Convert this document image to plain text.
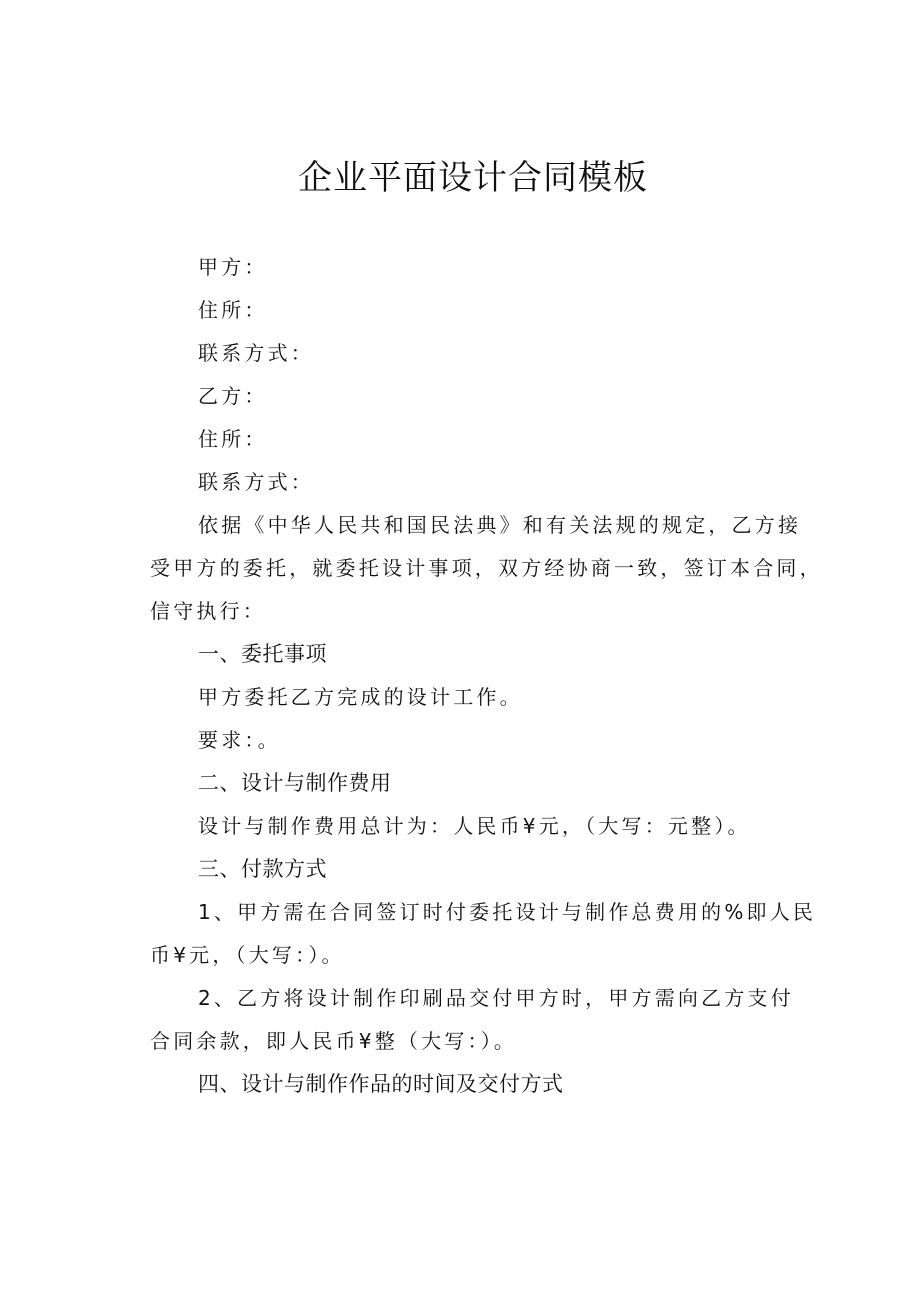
企业平面设计合同模板
甲方：
住所：
联系方式：
乙方：
住所：
联系方式：
依据《中华人民共和国民法典》和有关法规的规定，乙方接
受甲方的委托，就委托设计事项，双方经协商一致，签订本合同，
信守执行：
一、委托事项
甲方委托乙方完成的设计工作。
要求：。
二、设计与制作费用
设计与制作费用总计为：人民币¥元，（大写：元整）。
三、付款方式
1、甲方需在合同签订时付委托设计与制作总费用的%即人民
币¥元，（大写：）。
2、乙方将设计制作印刷品交付甲方时，甲方需向乙方支付
合同余款，即人民币¥整（大写：）。
四、设计与制作作品的时间及交付方式
